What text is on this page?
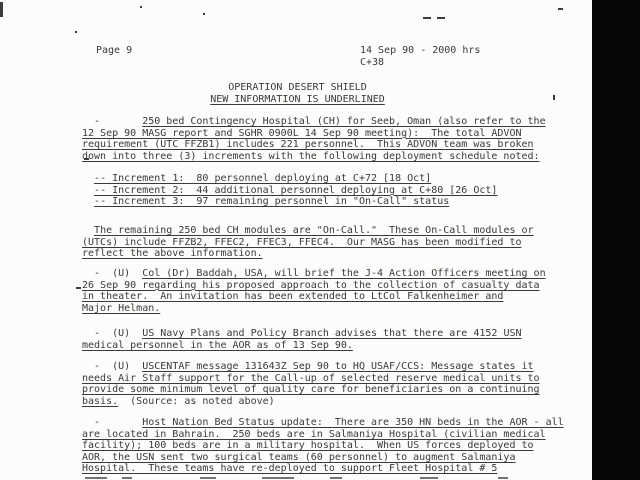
Page 9	14 Sep 90 - 2000 hrs
C+38
OPERATION DESERT SHIELD
NEW INFORMATION IS UNDERLINED
-       250 bed Contingency Hospital (CH) for Seeb, Oman (also refer to the
12 Sep 90 MASG report and SGHR 0900L 14 Sep 90 meeting):  The total ADVON
requirement (UTC FFZB1) includes 221 personnel.  This ADVON team was broken
down into three (3) increments with the following deployment schedule noted:
-- Increment 1:  80 personnel deploying at C+72 [18 Oct]
-- Increment 2:  44 additional personnel deploying at C+80 [26 Oct]
-- Increment 3:  97 remaining personnel in "On-Call" status
The remaining 250 bed CH modules are "On-Call."  These On-Call modules or
(UTCs) include FFZB2, FFEC2, FFEC3, FFEC4.  Our MASG has been modified to
reflect the above information.
-  (U)  Col (Dr) Baddah, USA, will brief the J-4 Action Officers meeting on
26 Sep 90 regarding his proposed approach to the collection of casualty data
in theater.  An invitation has been extended to LtCol Falkenheimer and
Major Helman.
-  (U)  US Navy Plans and Policy Branch advises that there are 4152 USN
medical personnel in the AOR as of 13 Sep 90.
-  (U)  USCENTAF message 131643Z Sep 90 to HQ USAF/CCS: Message states it
needs Air Staff support for the Call-up of selected reserve medical units to
provide some minimum level of quality care for beneficiaries on a continuing
basis.  (Source: as noted above)
-       Host Nation Bed Status update:  There are 350 HN beds in the AOR - all
are located in Bahrain.  250 beds are in Salmaniya Hospital (civilian medical
facility); 100 beds are in a military hospital.  When US forces deployed to
AOR, the USN sent two surgical teams (60 personnel) to augment Salmaniya
Hospital.  These teams have re-deployed to support Fleet Hospital # 5
